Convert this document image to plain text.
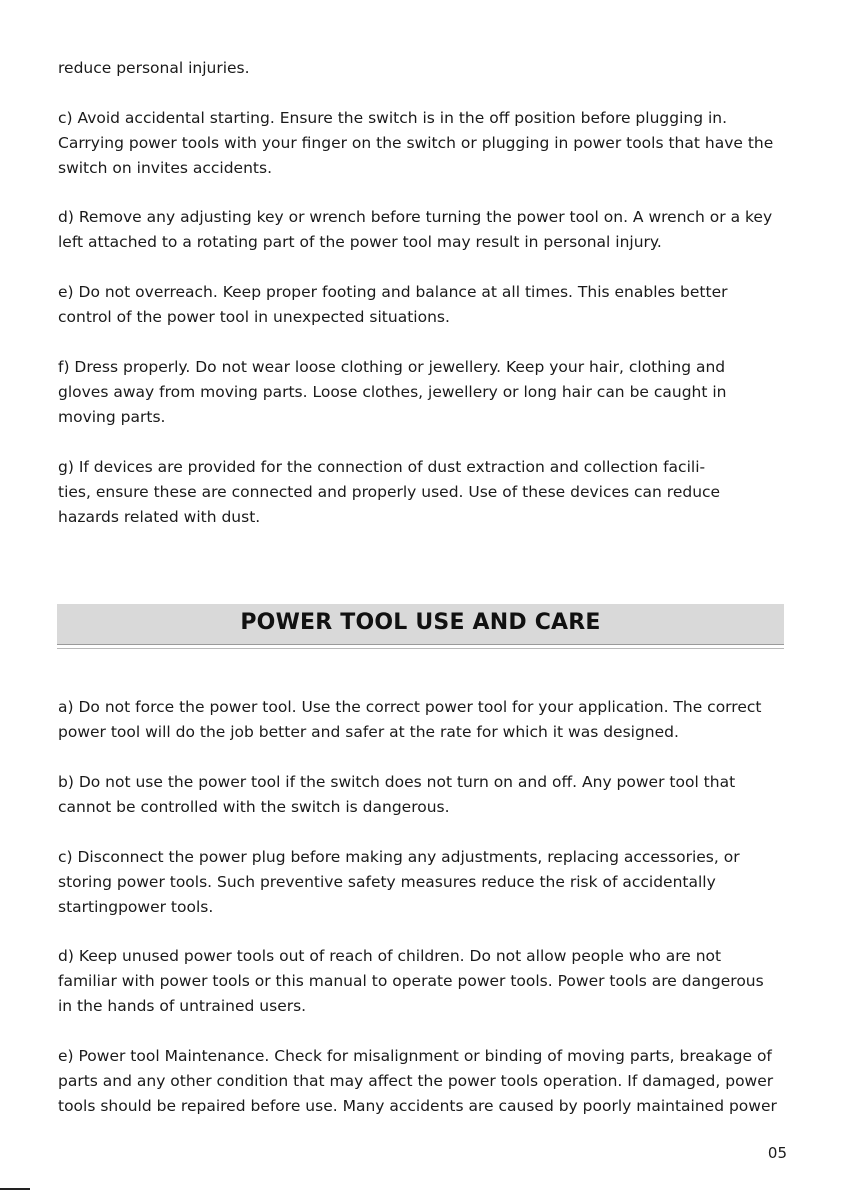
reduce personal injuries.

c) Avoid accidental starting. Ensure the switch is in the off position before plugging in.
Carrying power tools with your finger on the switch or plugging in power tools that have the
switch on invites accidents.

d) Remove any adjusting key or wrench before turning the power tool on. A wrench or a key
left attached to a rotating part of the power tool may result in personal injury.

e) Do not overreach. Keep proper footing and balance at all times. This enables better
control of the power tool in unexpected situations.

f) Dress properly. Do not wear loose clothing or jewellery. Keep your hair, clothing and
gloves away from moving parts. Loose clothes, jewellery or long hair can be caught in
moving parts.

g) If devices are provided for the connection of dust extraction and collection facili-
ties, ensure these are connected and properly used. Use of these devices can reduce
hazards related with dust.

POWER TOOL USE AND CARE

a) Do not force the power tool. Use the correct power tool for your application. The correct
power tool will do the job better and safer at the rate for which it was designed.

b) Do not use the power tool if the switch does not turn on and off. Any power tool that
cannot be controlled with the switch is dangerous.

c) Disconnect the power plug before making any adjustments, replacing accessories, or
storing power tools. Such preventive safety measures reduce the risk of accidentally
startingpower tools.

d) Keep unused power tools out of reach of children. Do not allow people who are not
familiar with power tools or this manual to operate power tools. Power tools are dangerous
in the hands of untrained users.

e) Power tool Maintenance. Check for misalignment or binding of moving parts, breakage of
parts and any other condition that may affect the power tools operation. If damaged, power
tools should be repaired before use. Many accidents are caused by poorly maintained power

05
